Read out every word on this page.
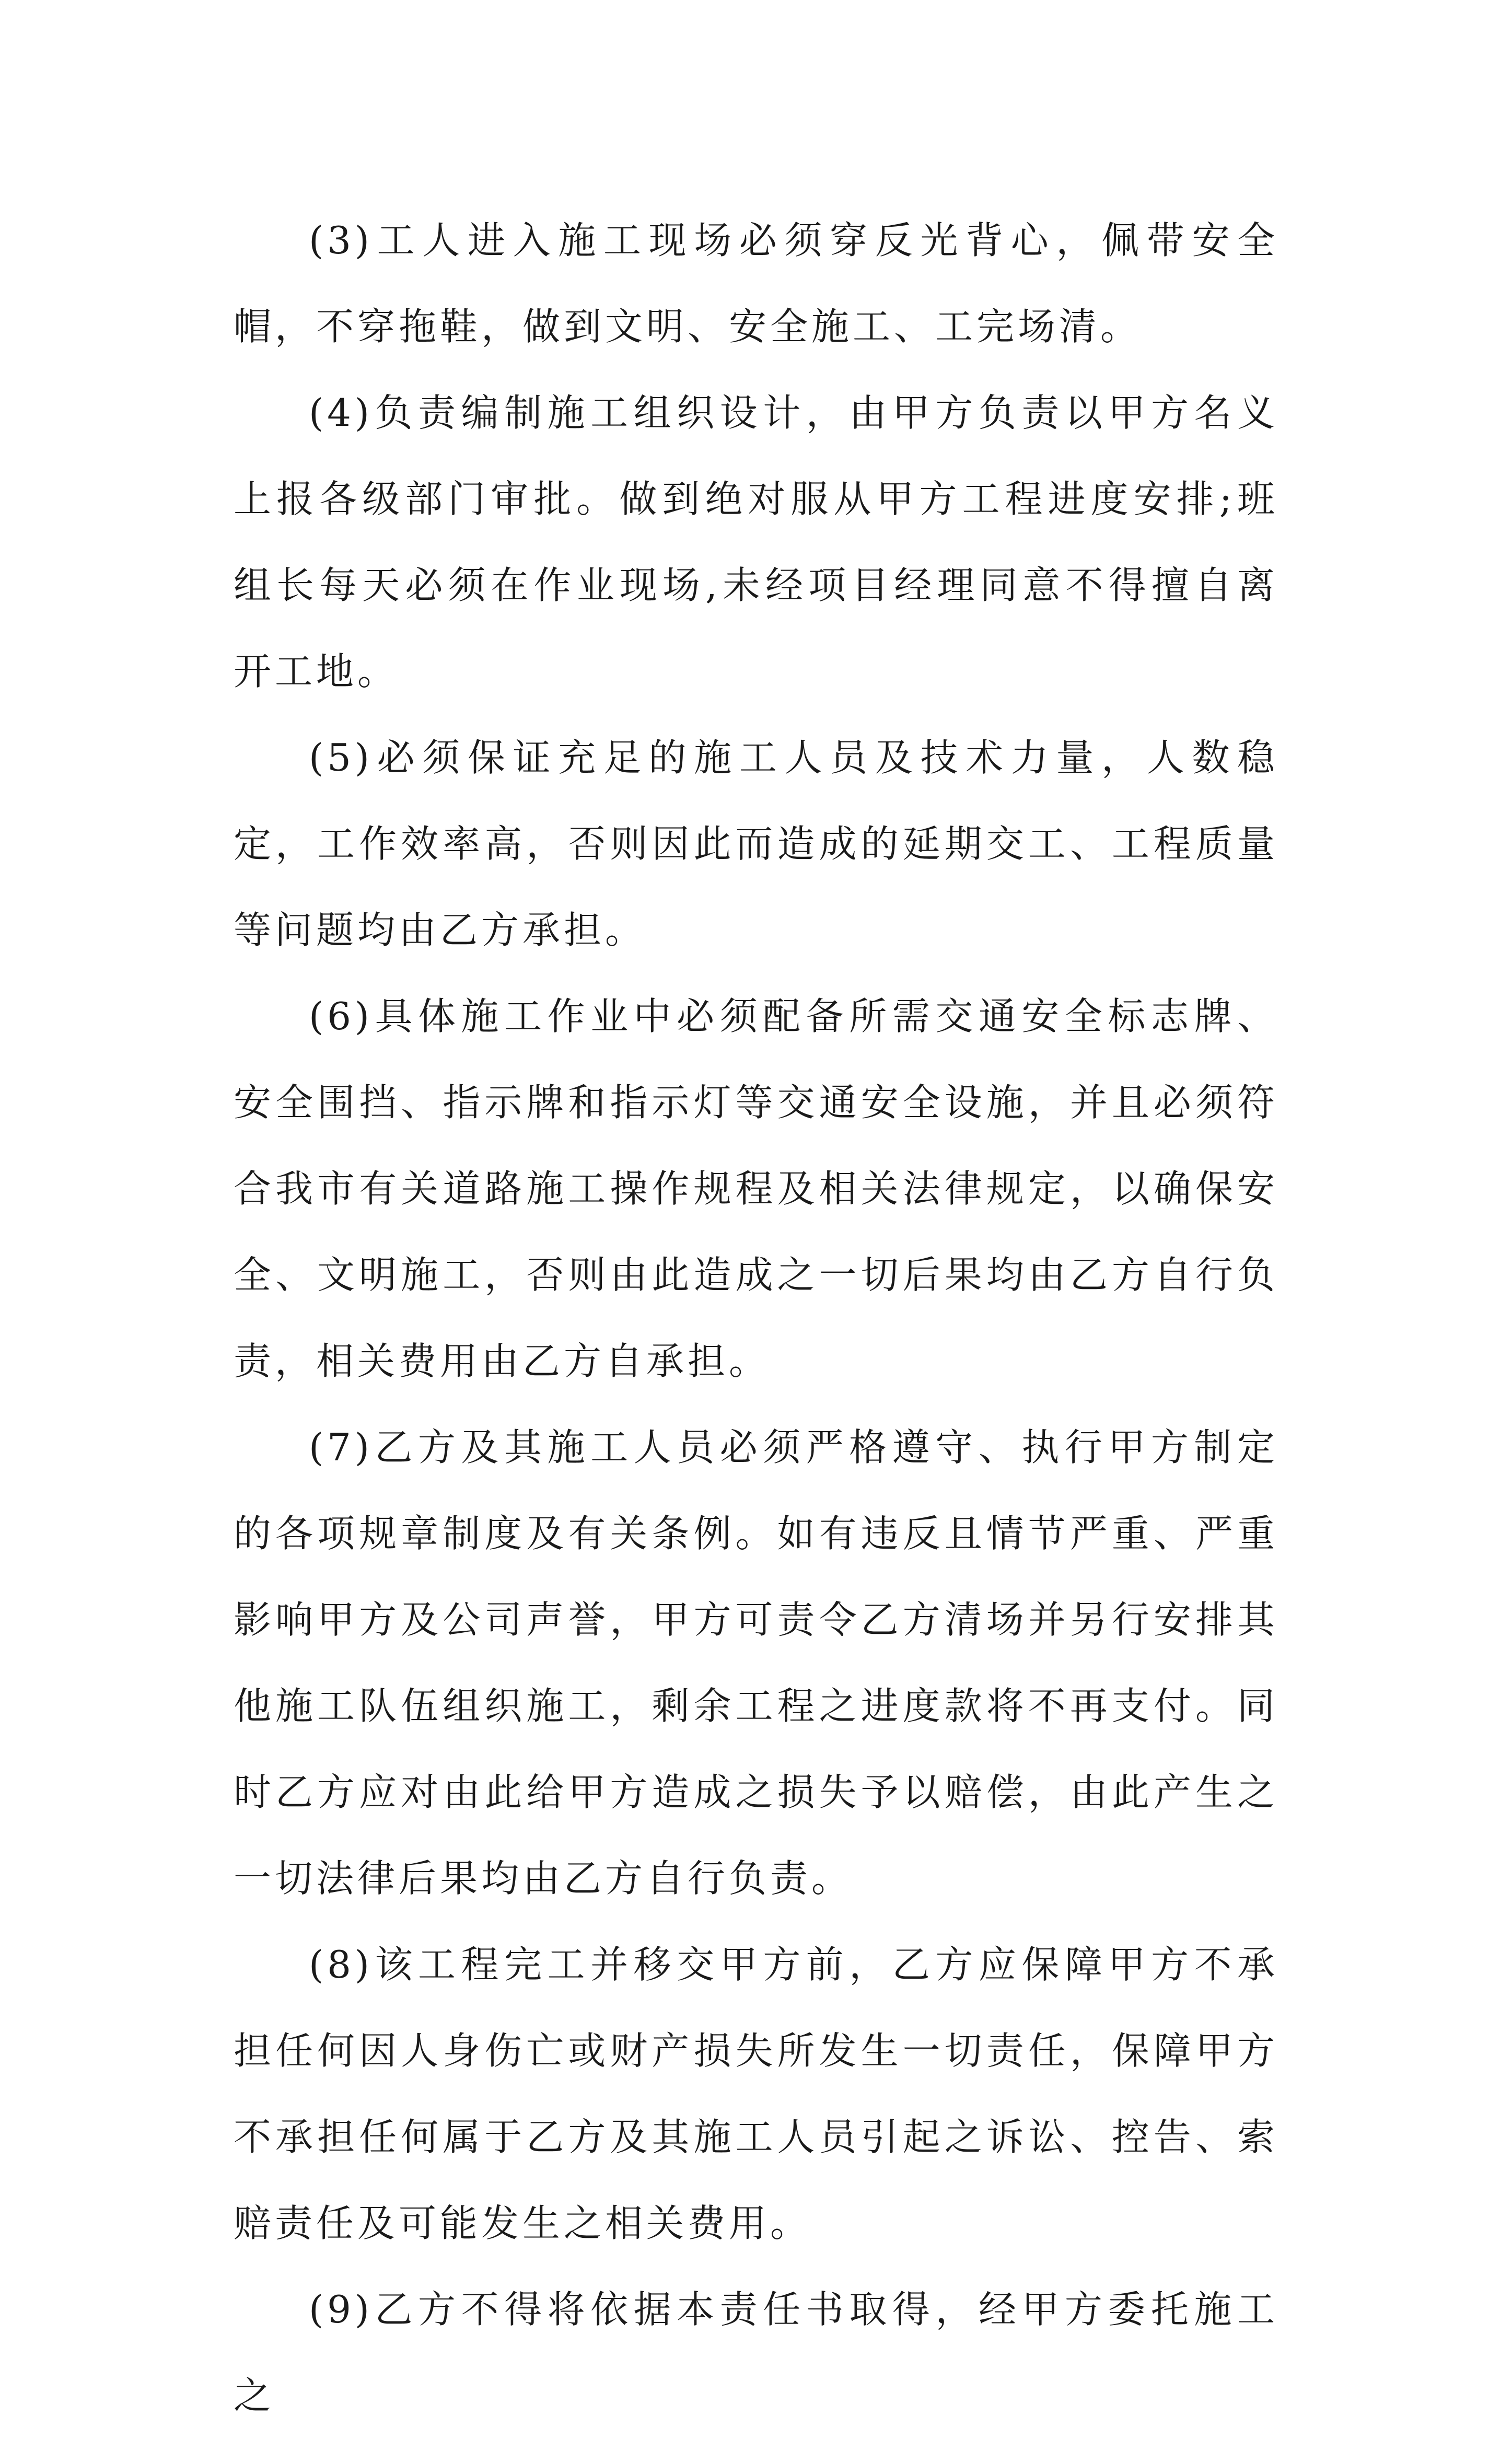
(3)工人进入施工现场必须穿反光背心，佩带安全帽，不穿拖鞋，做到文明、安全施工、工完场清。

(4)负责编制施工组织设计，由甲方负责以甲方名义上报各级部门审批。做到绝对服从甲方工程进度安排;班组长每天必须在作业现场,未经项目经理同意不得擅自离开工地。

(5)必须保证充足的施工人员及技术力量，人数稳定，工作效率高，否则因此而造成的延期交工、工程质量等问题均由乙方承担。

(6)具体施工作业中必须配备所需交通安全标志牌、安全围挡、指示牌和指示灯等交通安全设施，并且必须符合我市有关道路施工操作规程及相关法律规定，以确保安全、文明施工，否则由此造成之一切后果均由乙方自行负责，相关费用由乙方自承担。

(7)乙方及其施工人员必须严格遵守、执行甲方制定的各项规章制度及有关条例。如有违反且情节严重、严重影响甲方及公司声誉，甲方可责令乙方清场并另行安排其他施工队伍组织施工，剩余工程之进度款将不再支付。同时乙方应对由此给甲方造成之损失予以赔偿，由此产生之一切法律后果均由乙方自行负责。

(8)该工程完工并移交甲方前，乙方应保障甲方不承担任何因人身伤亡或财产损失所发生一切责任，保障甲方不承担任何属于乙方及其施工人员引起之诉讼、控告、索赔责任及可能发生之相关费用。

(9)乙方不得将依据本责任书取得，经甲方委托施工之
